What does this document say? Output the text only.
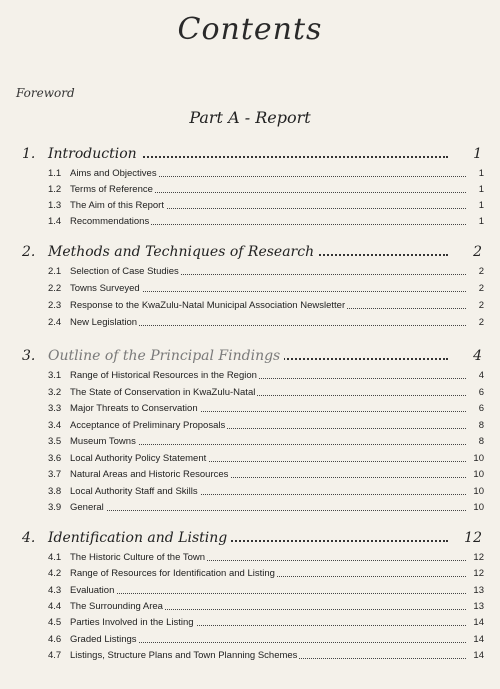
Contents
Foreword
Part A - Report
1. Introduction	1
1.1 Aims and Objectives	1
1.2 Terms of Reference	1
1.3 The Aim of this Report	1
1.4 Recommendations	1
2. Methods and Techniques of Research	2
2.1 Selection of Case Studies	2
2.2 Towns Surveyed	2
2.3 Response to the KwaZulu-Natal Municipal Association Newsletter	2
2.4 New Legislation	2
3. Outline of the Principal Findings	4
3.1 Range of Historical Resources in the Region	4
3.2 The State of Conservation in KwaZulu-Natal	6
3.3 Major Threats to Conservation	6
3.4 Acceptance of Preliminary Proposals	8
3.5 Museum Towns	8
3.6 Local Authority Policy Statement	10
3.7 Natural Areas and Historic Resources	10
3.8 Local Authority Staff and Skills	10
3.9 General	10
4. Identification and Listing	12
4.1 The Historic Culture of the Town	12
4.2 Range of Resources for Identification and Listing	12
4.3 Evaluation	13
4.4 The Surrounding Area	13
4.5 Parties Involved in the Listing	14
4.6 Graded Listings	14
4.7 Listings, Structure Plans and Town Planning Schemes	14
